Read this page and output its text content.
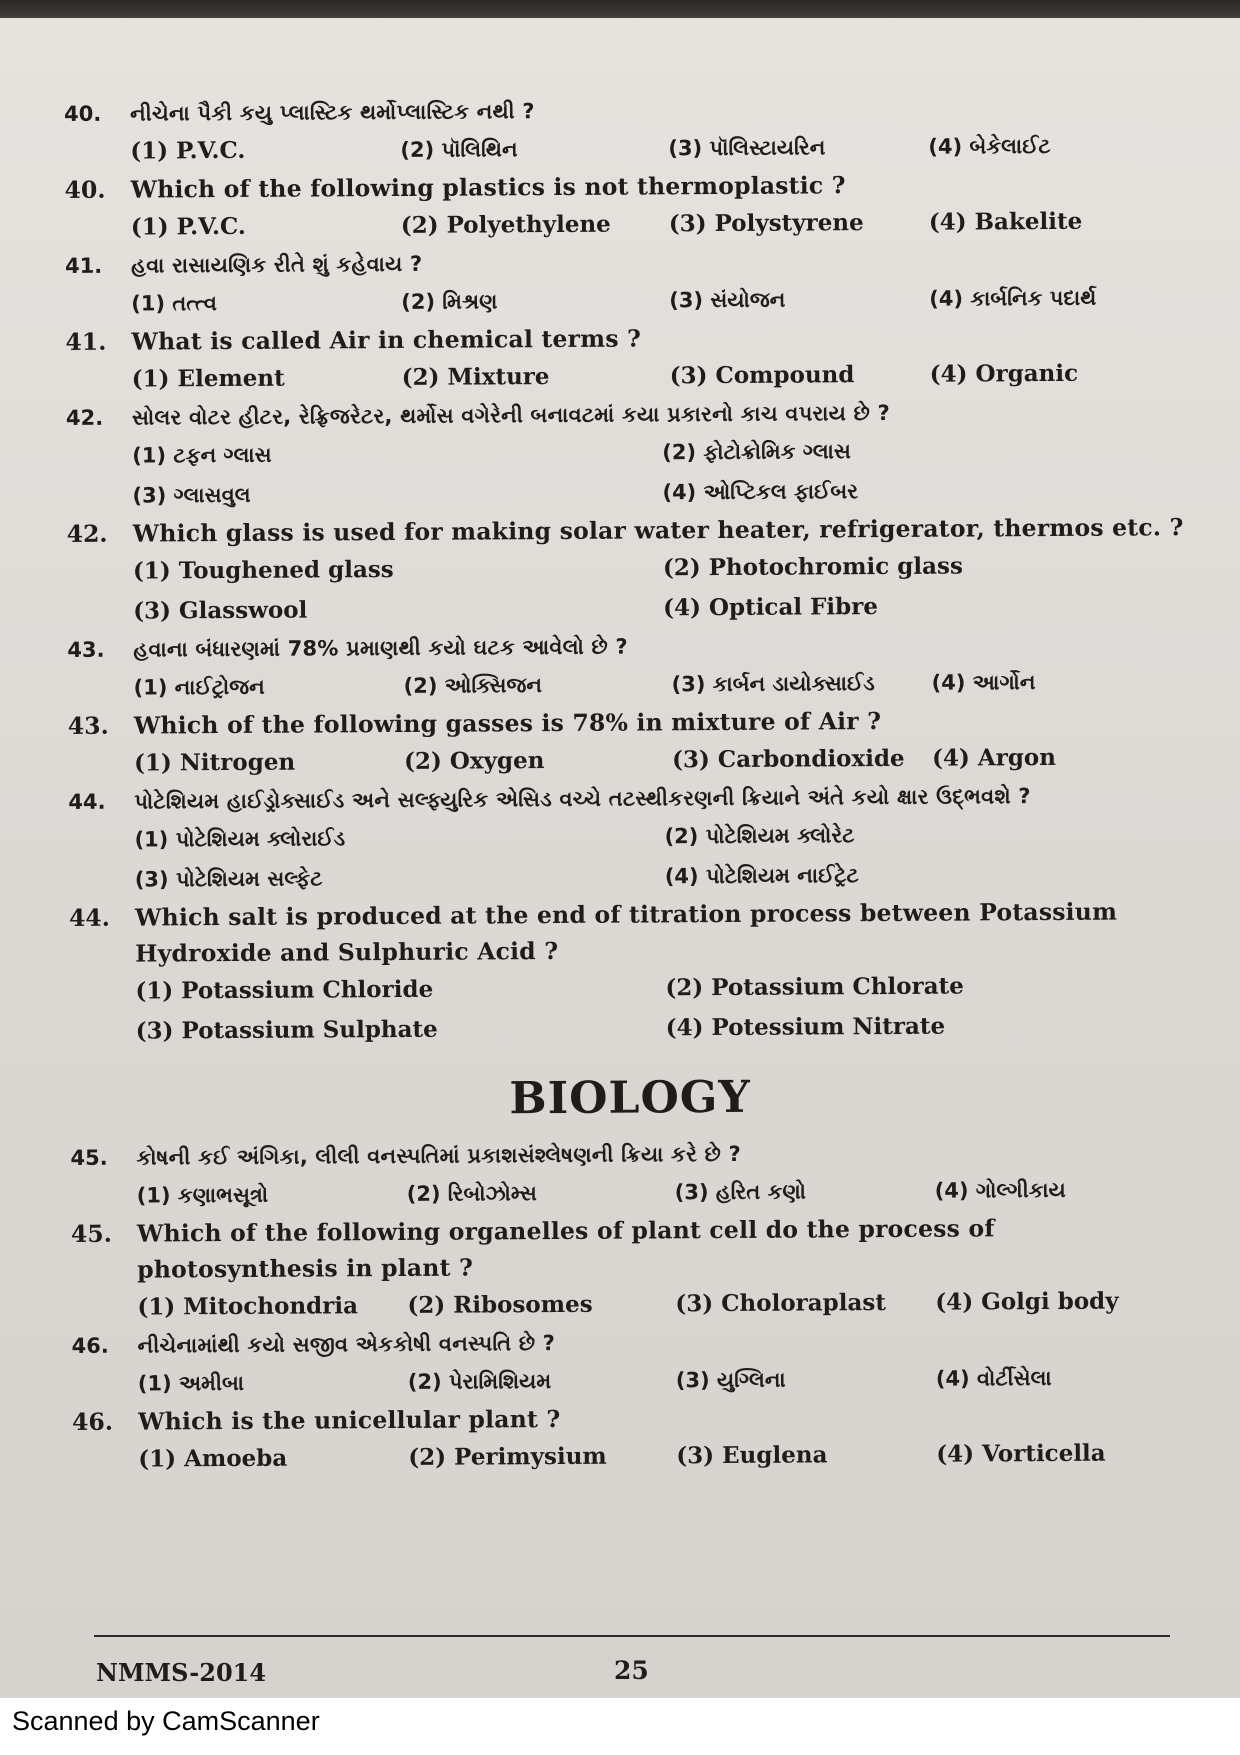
40. નીચેના પૈકી કયુ પ્લાસ્ટિક થર્મોપ્લાસ્ટિક નથી ?
(1) P.V.C.	(2) પૉલિથિન	(3) પૉલિસ્ટાયરિન	(4) બેકેલાઈટ
40. Which of the following plastics is not thermoplastic ?
(1) P.V.C.	(2) Polyethylene	(3) Polystyrene	(4) Bakelite
41. હવા રાસાયણિક રીતે શું કહેવાય ?
(1) તત્ત્વ	(2) મિશ્રણ	(3) સંયોજન	(4) કાર્બનિક પદાર્થ
41. What is called Air in chemical terms ?
(1) Element	(2) Mixture	(3) Compound	(4) Organic
42. સોલર વોટર હીટર, રેફ્રિજરેટર, થર્મોસ વગેરેની બનાવટમાં કયા પ્રકારનો કાચ વપરાય છે ?
(1) ટફન ગ્લાસ	(2) ફોટોક્રોમિક ગ્લાસ
(3) ગ્લાસવુલ	(4) ઓપ્ટિકલ ફાઈબર
42. Which glass is used for making solar water heater, refrigerator, thermos etc. ?
(1) Toughened glass	(2) Photochromic glass
(3) Glasswool	(4) Optical Fibre
43. હવાના બંધારણમાં 78% પ્રમાણથી કયો ઘટક આવેલો છે ?
(1) નાઈટ્રોજન	(2) ઓક્સિજન	(3) કાર્બન ડાયોક્સાઈડ	(4) આર્ગોન
43. Which of the following gasses is 78% in mixture of Air ?
(1) Nitrogen	(2) Oxygen	(3) Carbondioxide	(4) Argon
44. પોટેશિયમ હાઈડ્રોક્સાઈડ અને સલ્ફ્યુરિક એસિડ વચ્ચે તટસ્થીકરણની ક્રિયાને અંતે કયો ક્ષાર ઉદ્ભવશે ?
(1) પોટેશિયમ ક્લોરાઈડ	(2) પોટેશિયમ ક્લોરેટ
(3) પોટેશિયમ સલ્ફેટ	(4) પોટેશિયમ નાઈટ્રેટ
44. Which salt is produced at the end of titration process between Potassium Hydroxide and Sulphuric Acid ?
(1) Potassium Chloride	(2) Potassium Chlorate
(3) Potassium Sulphate	(4) Potessium Nitrate
BIOLOGY
45. કોષની કઈ અંગિકા, લીલી વનસ્પતિમાં પ્રકાશસંશ્લેષણની ક્રિયા કરે છે ?
(1) કણાભસૂત્રો	(2) રિબોઝોમ્સ	(3) હરિત કણો	(4) ગોલ્ગીકાય
45. Which of the following organelles of plant cell do the process of photosynthesis in plant ?
(1) Mitochondria	(2) Ribosomes	(3) Choloraplast	(4) Golgi body
46. નીચેનામાંથી કયો સજીવ એકકોષી વનસ્પતિ છે ?
(1) અમીબા	(2) પેરામિશિયમ	(3) યુગ્લિના	(4) વોર્ટીસેલા
46. Which is the unicellular plant ?
(1) Amoeba	(2) Perimysium	(3) Euglena	(4) Vorticella
NMMS-2014	25
Scanned by CamScanner
